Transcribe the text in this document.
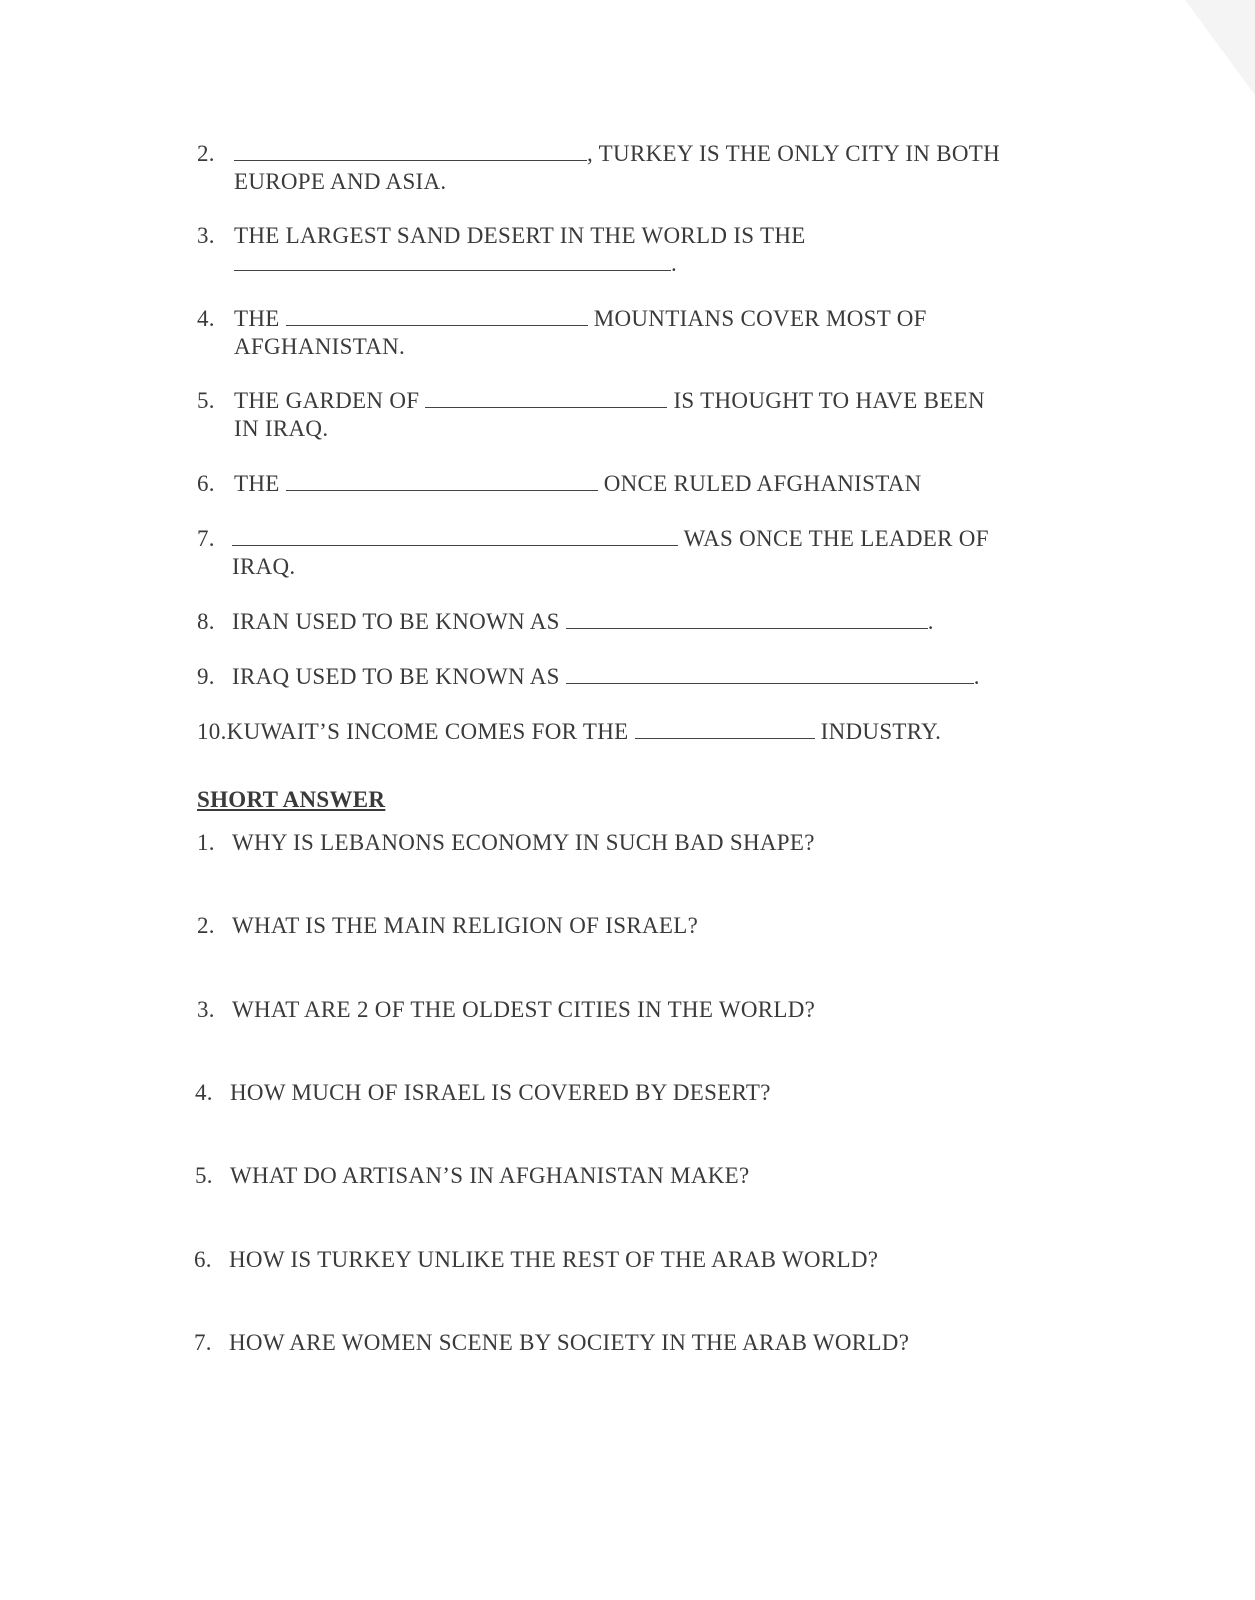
2.	, TURKEY IS THE ONLY CITY IN BOTH
EUROPE AND ASIA.
3. THE LARGEST SAND DESERT IN THE WORLD IS THE
.
4. THE	MOUNTIANS COVER MOST OF
AFGHANISTAN.
5. THE GARDEN OF	IS THOUGHT TO HAVE BEEN
IN IRAQ.
6. THE	ONCE RULED AFGHANISTAN
7.	WAS ONCE THE LEADER OF
IRAQ.
8. IRAN USED TO BE KNOWN AS	.
9. IRAQ USED TO BE KNOWN AS	.
10.KUWAIT’S INCOME COMES FOR THE	INDUSTRY.
SHORT ANSWER
1. WHY IS LEBANONS ECONOMY IN SUCH BAD SHAPE?
2. WHAT IS THE MAIN RELIGION OF ISRAEL?
3. WHAT ARE 2 OF THE OLDEST CITIES IN THE WORLD?
4. HOW MUCH OF ISRAEL IS COVERED BY DESERT?
5. WHAT DO ARTISAN’S IN AFGHANISTAN MAKE?
6. HOW IS TURKEY UNLIKE THE REST OF THE ARAB WORLD?
7. HOW ARE WOMEN SCENE BY SOCIETY IN THE ARAB WORLD?
